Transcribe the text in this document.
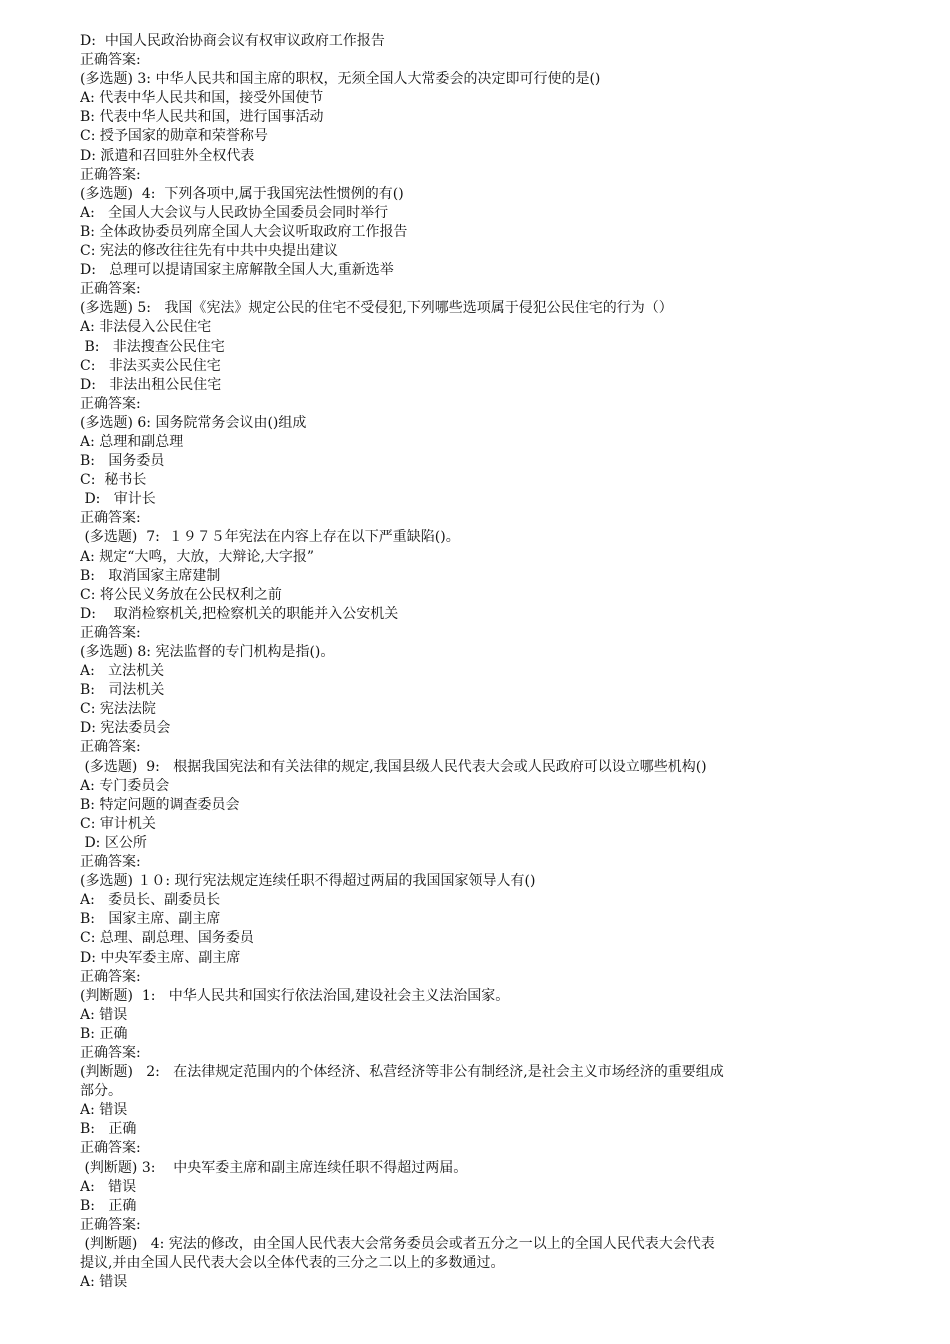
D:  中国人民政治协商会议有权审议政府工作报告
正确答案:
(多选题) 3: 中华人民共和国主席的职权，无须全国人大常委会的决定即可行使的是()
A: 代表中华人民共和国，接受外国使节
B: 代表中华人民共和国，进行国事活动
C: 授予国家的勋章和荣誉称号
D: 派遣和召回驻外全权代表
正确答案:
(多选题)  4:  下列各项中,属于我国宪法性惯例的有()
A:   全国人大会议与人民政协全国委员会同时举行
B: 全体政协委员列席全国人大会议听取政府工作报告
C: 宪法的修改往往先有中共中央提出建议
D:   总理可以提请国家主席解散全国人大,重新选举
正确答案:
(多选题) 5:   我国《宪法》规定公民的住宅不受侵犯,下列哪些选项属于侵犯公民住宅的行为（）
A: 非法侵入公民住宅
B:   非法搜查公民住宅
C:   非法买卖公民住宅
D:   非法出租公民住宅
正确答案:
(多选题) 6: 国务院常务会议由()组成
A: 总理和副总理
B:   国务委员
C:  秘书长
D:   审计长
正确答案:
(多选题)  7:  １９７５年宪法在内容上存在以下严重缺陷()。
A: 规定“大鸣，大放，大辩论,大字报”
B:   取消国家主席建制
C: 将公民义务放在公民权利之前
D:    取消检察机关,把检察机关的职能并入公安机关
正确答案:
(多选题) 8: 宪法监督的专门机构是指()。
A:   立法机关
B:   司法机关
C: 宪法法院
D: 宪法委员会
正确答案:
(多选题)  9:   根据我国宪法和有关法律的规定,我国县级人民代表大会或人民政府可以设立哪些机构()
A: 专门委员会
B: 特定问题的调查委员会
C: 审计机关
D: 区公所
正确答案:
(多选题) １０: 现行宪法规定连续任职不得超过两届的我国国家领导人有()
A:   委员长、副委员长
B:   国家主席、副主席
C: 总理、副总理、国务委员
D: 中央军委主席、副主席
正确答案:
(判断题)  1:   中华人民共和国实行依法治国,建设社会主义法治国家。
A: 错误
B: 正确
正确答案:
(判断题)   2:   在法律规定范围内的个体经济、私营经济等非公有制经济,是社会主义市场经济的重要组成
部分。
A: 错误
B:   正确
正确答案:
(判断题) 3:    中央军委主席和副主席连续任职不得超过两届。
A:   错误
B:   正确
正确答案:
(判断题)   4: 宪法的修改，由全国人民代表大会常务委员会或者五分之一以上的全国人民代表大会代表
提议,并由全国人民代表大会以全体代表的三分之二以上的多数通过。
A: 错误
